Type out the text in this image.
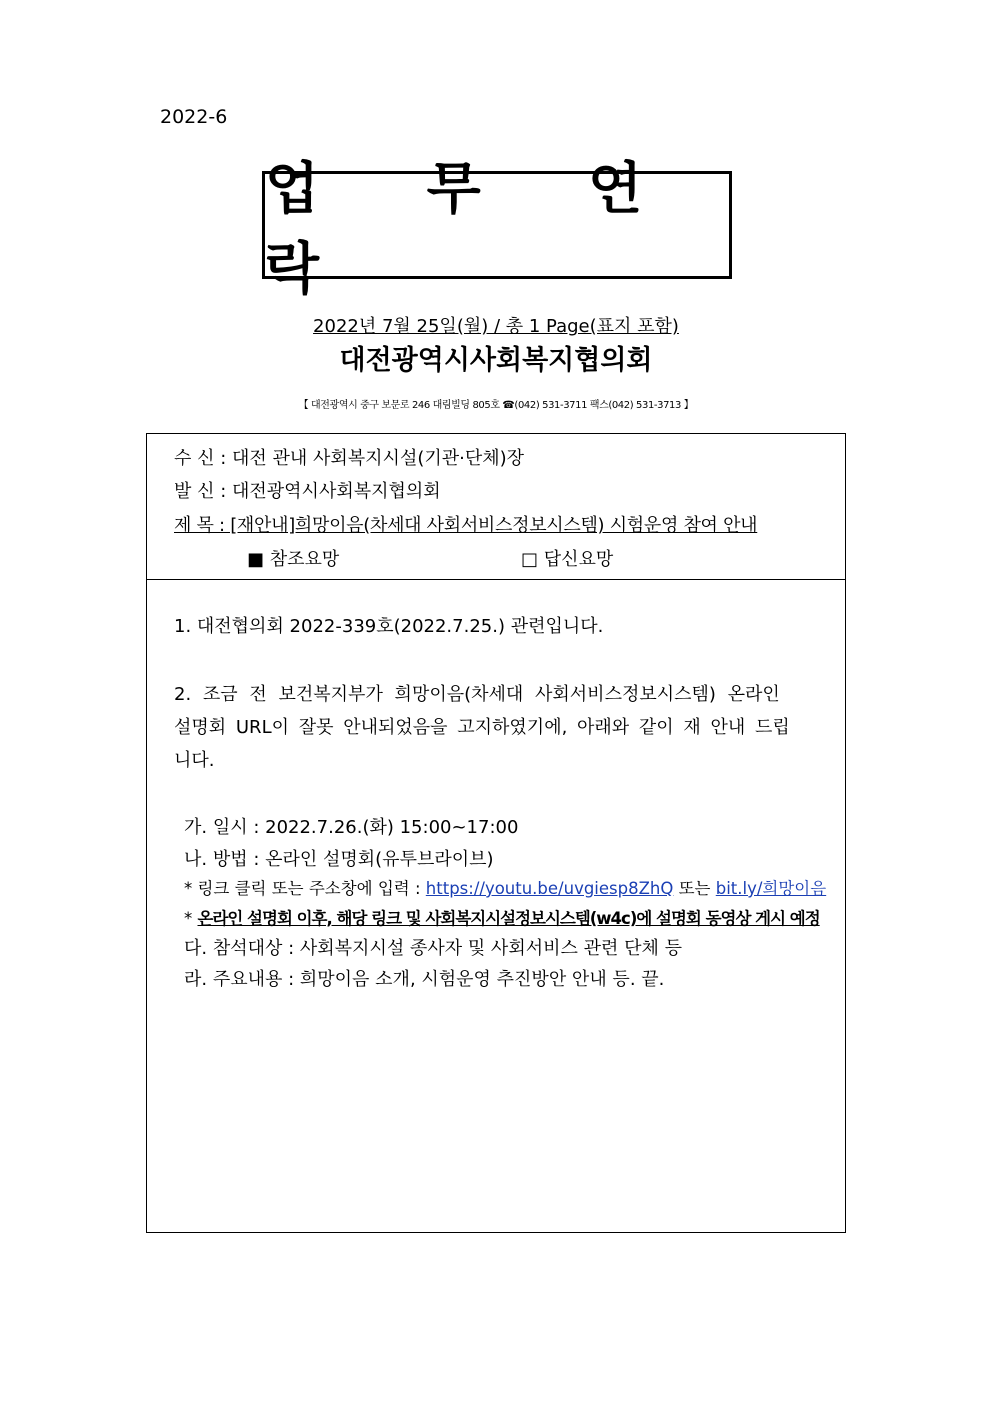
2022-6
업 무 연 락
2022년 7월 25일(월) / 총 1 Page(표지 포함)
대전광역시사회복지협의회
【 대전광역시 중구 보문로 246 대림빌딩 805호 ☎(042) 531-3711 팩스(042) 531-3713 】
수 신 : 대전 관내 사회복지시설(기관·단체)장
발 신 : 대전광역시사회복지협의회
제 목 : [재안내]희망이음(차세대 사회서비스정보시스템) 시험운영 참여 안내
■ 참조요망	□ 답신요망

1. 대전협의회 2022-339호(2022.7.25.) 관련입니다.

2. 조금 전 보건복지부가 희망이음(차세대 사회서비스정보시스템) 온라인

설명회 URL이 잘못 안내되었음을 고지하였기에, 아래와 같이 재 안내 드립

니다.

가. 일시 : 2022.7.26.(화) 15:00~17:00

나. 방법 : 온라인 설명회(유투브라이브)

* 링크 클릭 또는 주소창에 입력 : https://youtu.be/uvgiesp8ZhQ 또는 bit.ly/희망이음

* 온라인 설명회 이후, 해당 링크 및 사회복지시설정보시스템(w4c)에 설명회 동영상 게시 예정

다. 참석대상 : 사회복지시설 종사자 및 사회서비스 관련 단체 등

라. 주요내용 : 희망이음 소개, 시험운영 추진방안 안내 등. 끝.
